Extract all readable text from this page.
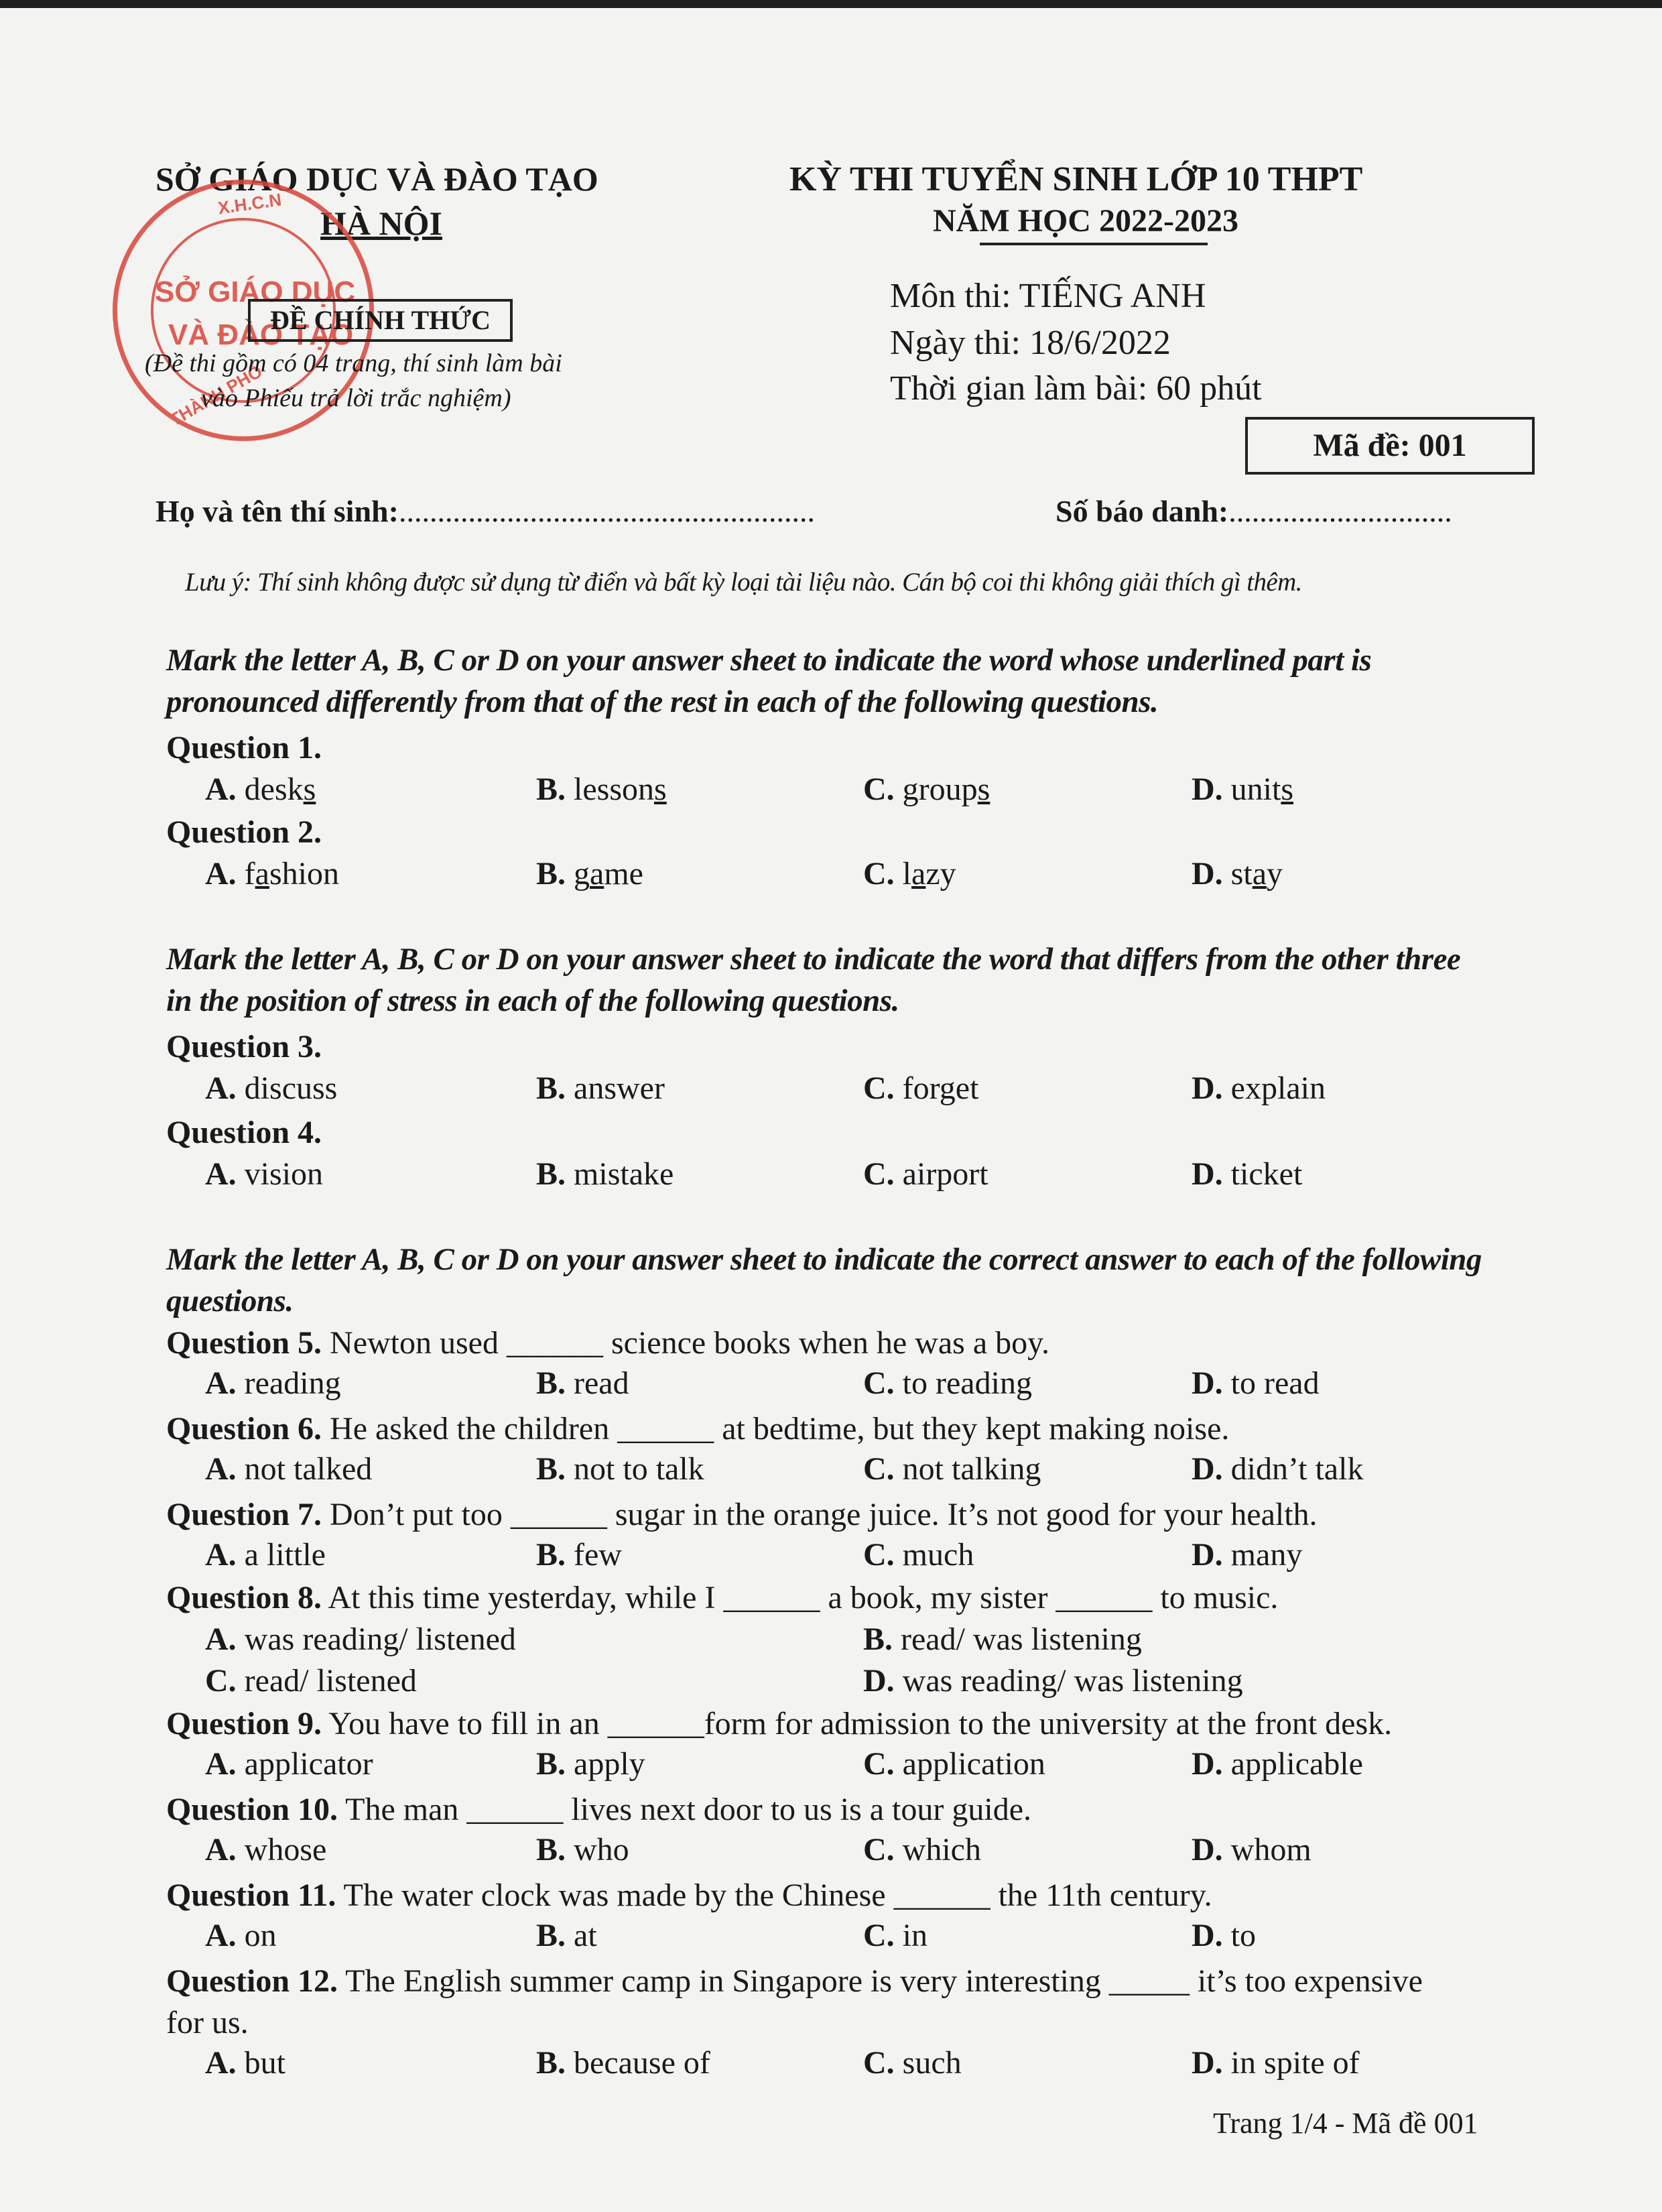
SỞ GIÁO DỤC VÀ ĐÀO TẠO
HÀ NỘI
X.H.C.N
THÀNH PHỐ
SỞ GIÁO DỤC
VÀ ĐÀO TẠO
ĐỀ CHÍNH THỨC
(Đề thi gồm có 04 trang, thí sinh làm bài
vào Phiếu trả lời trắc nghiệm)
KỲ THI TUYỂN SINH LỚP 10 THPT
NĂM HỌC 2022-2023
Môn thi: TIẾNG ANH
Ngày thi: 18/6/2022
Thời gian làm bài: 60 phút
Mã đề: 001
Họ và tên thí sinh:......................................................	Số báo danh:.............................
Lưu ý: Thí sinh không được sử dụng từ điển và bất kỳ loại tài liệu nào. Cán bộ coi thi không giải thích gì thêm.
Mark the letter A, B, C or D on your answer sheet to indicate the word whose underlined part is
pronounced differently from that of the rest in each of the following questions.
Question 1.
A. desks	B. lessons	C. groups	D. units
Question 2.
A. fashion	B. game	C. lazy	D. stay
Mark the letter A, B, C or D on your answer sheet to indicate the word that differs from the other three
in the position of stress in each of the following questions.
Question 3.
A. discuss	B. answer	C. forget	D. explain
Question 4.
A. vision	B. mistake	C. airport	D. ticket
Mark the letter A, B, C or D on your answer sheet to indicate the correct answer to each of the following
questions.
Question 5. Newton used ______ science books when he was a boy.
A. reading	B. read	C. to reading	D. to read
Question 6. He asked the children ______ at bedtime, but they kept making noise.
A. not talked	B. not to talk	C. not talking	D. didn’t talk
Question 7. Don’t put too ______ sugar in the orange juice. It’s not good for your health.
A. a little	B. few	C. much	D. many
Question 8. At this time yesterday, while I ______ a book, my sister ______ to music.
A. was reading/ listened	B. read/ was listening
C. read/ listened	D. was reading/ was listening
Question 9. You have to fill in an ______form for admission to the university at the front desk.
A. applicator	B. apply	C. application	D. applicable
Question 10. The man ______ lives next door to us is a tour guide.
A. whose	B. who	C. which	D. whom
Question 11. The water clock was made by the Chinese ______ the 11th century.
A. on	B. at	C. in	D. to
Question 12. The English summer camp in Singapore is very interesting _____ it’s too expensive
for us.
A. but	B. because of	C. such	D. in spite of
Trang 1/4 - Mã đề 001
